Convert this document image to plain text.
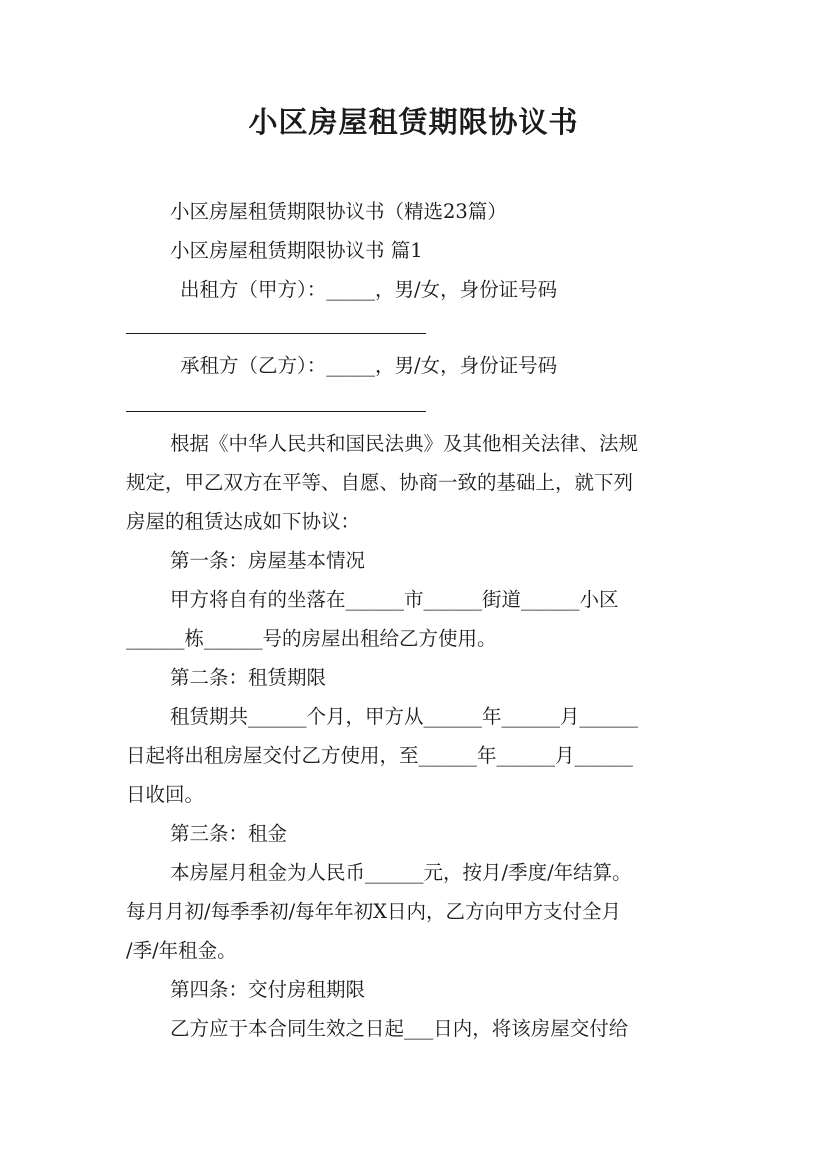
小区房屋租赁期限协议书
小区房屋租赁期限协议书（精选23篇）
小区房屋租赁期限协议书 篇1
出租方（甲方）：_____，男/女，身份证号码
承租方（乙方）：_____，男/女，身份证号码
根据《中华人民共和国民法典》及其他相关法律、法规
规定，甲乙双方在平等、自愿、协商一致的基础上，就下列
房屋的租赁达成如下协议：
第一条：房屋基本情况
甲方将自有的坐落在______市______街道______小区
______栋______号的房屋出租给乙方使用。
第二条：租赁期限
租赁期共______个月，甲方从______年______月______
日起将出租房屋交付乙方使用，至______年______月______
日收回。
第三条：租金
本房屋月租金为人民币______元，按月/季度/年结算。
每月月初/每季季初/每年年初X日内，乙方向甲方支付全月
/季/年租金。
第四条：交付房租期限
乙方应于本合同生效之日起___日内，将该房屋交付给
